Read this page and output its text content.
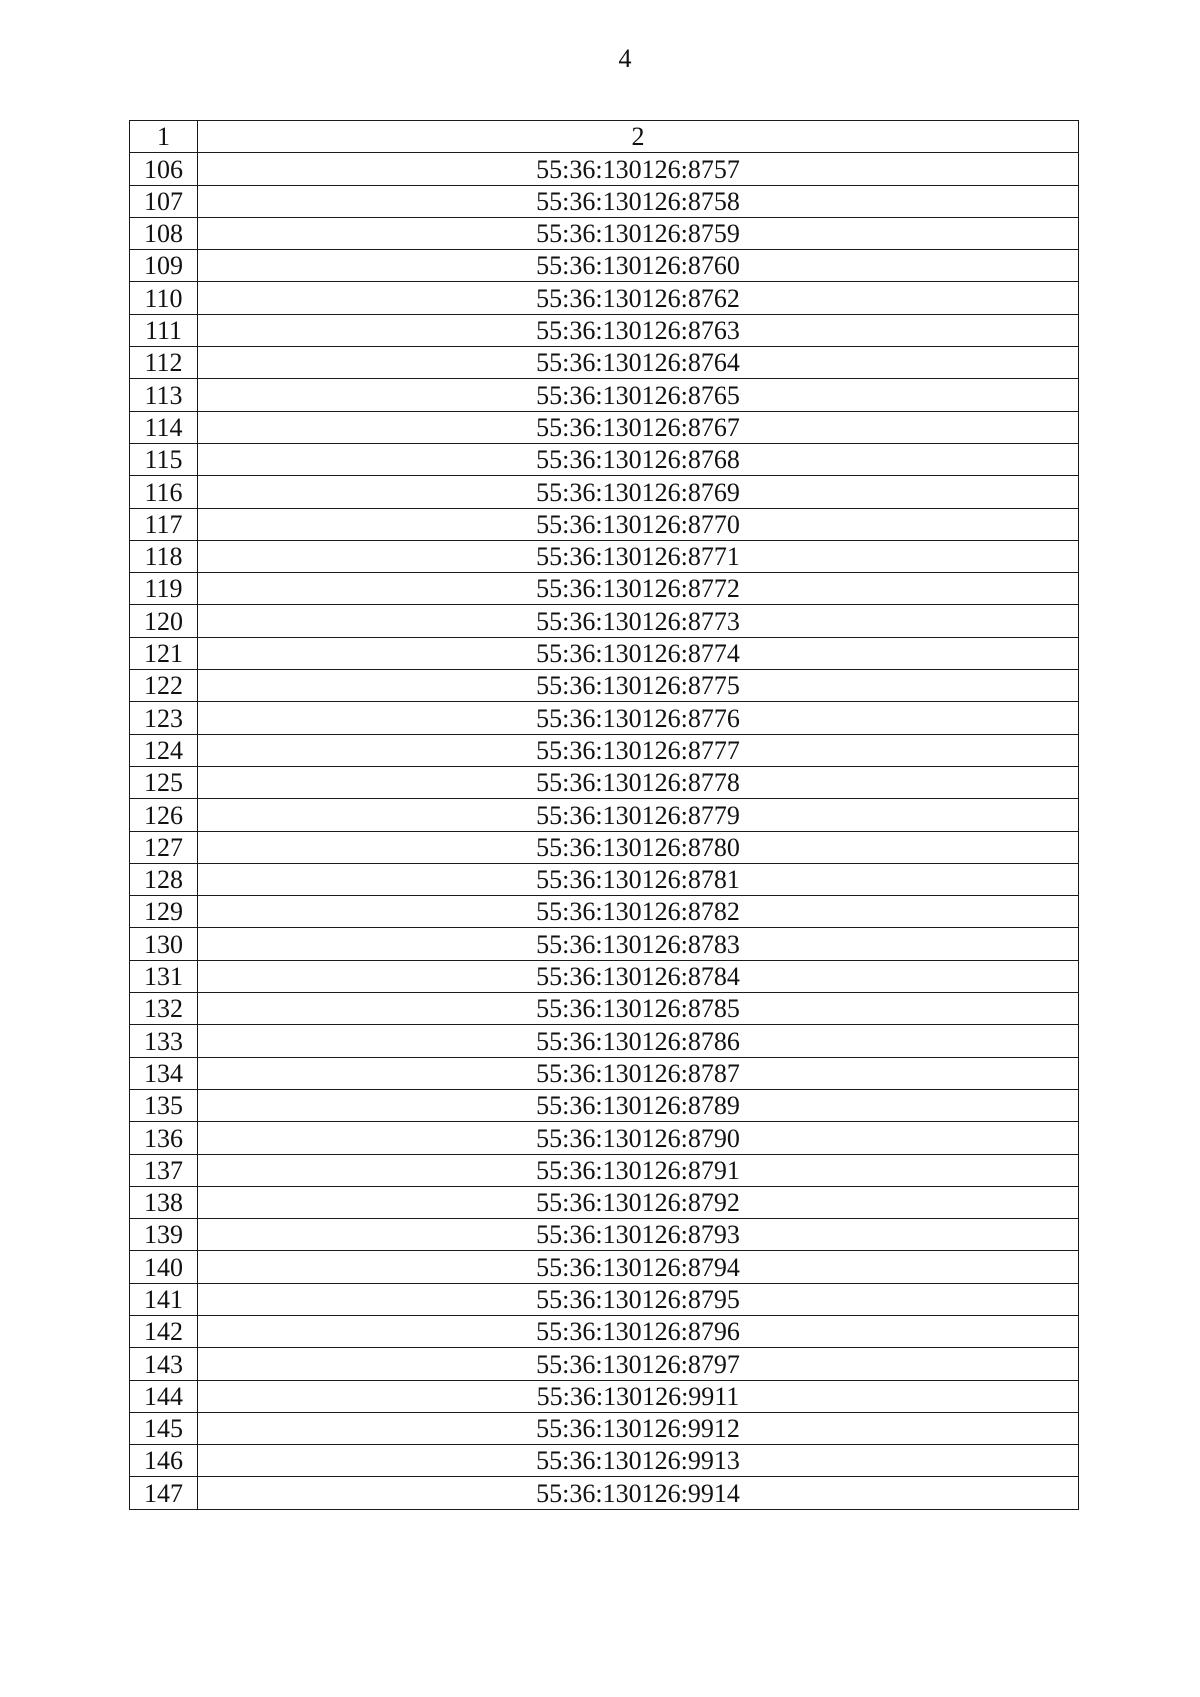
4
1	2
106	55:36:130126:8757
107	55:36:130126:8758
108	55:36:130126:8759
109	55:36:130126:8760
110	55:36:130126:8762
111	55:36:130126:8763
112	55:36:130126:8764
113	55:36:130126:8765
114	55:36:130126:8767
115	55:36:130126:8768
116	55:36:130126:8769
117	55:36:130126:8770
118	55:36:130126:8771
119	55:36:130126:8772
120	55:36:130126:8773
121	55:36:130126:8774
122	55:36:130126:8775
123	55:36:130126:8776
124	55:36:130126:8777
125	55:36:130126:8778
126	55:36:130126:8779
127	55:36:130126:8780
128	55:36:130126:8781
129	55:36:130126:8782
130	55:36:130126:8783
131	55:36:130126:8784
132	55:36:130126:8785
133	55:36:130126:8786
134	55:36:130126:8787
135	55:36:130126:8789
136	55:36:130126:8790
137	55:36:130126:8791
138	55:36:130126:8792
139	55:36:130126:8793
140	55:36:130126:8794
141	55:36:130126:8795
142	55:36:130126:8796
143	55:36:130126:8797
144	55:36:130126:9911
145	55:36:130126:9912
146	55:36:130126:9913
147	55:36:130126:9914
